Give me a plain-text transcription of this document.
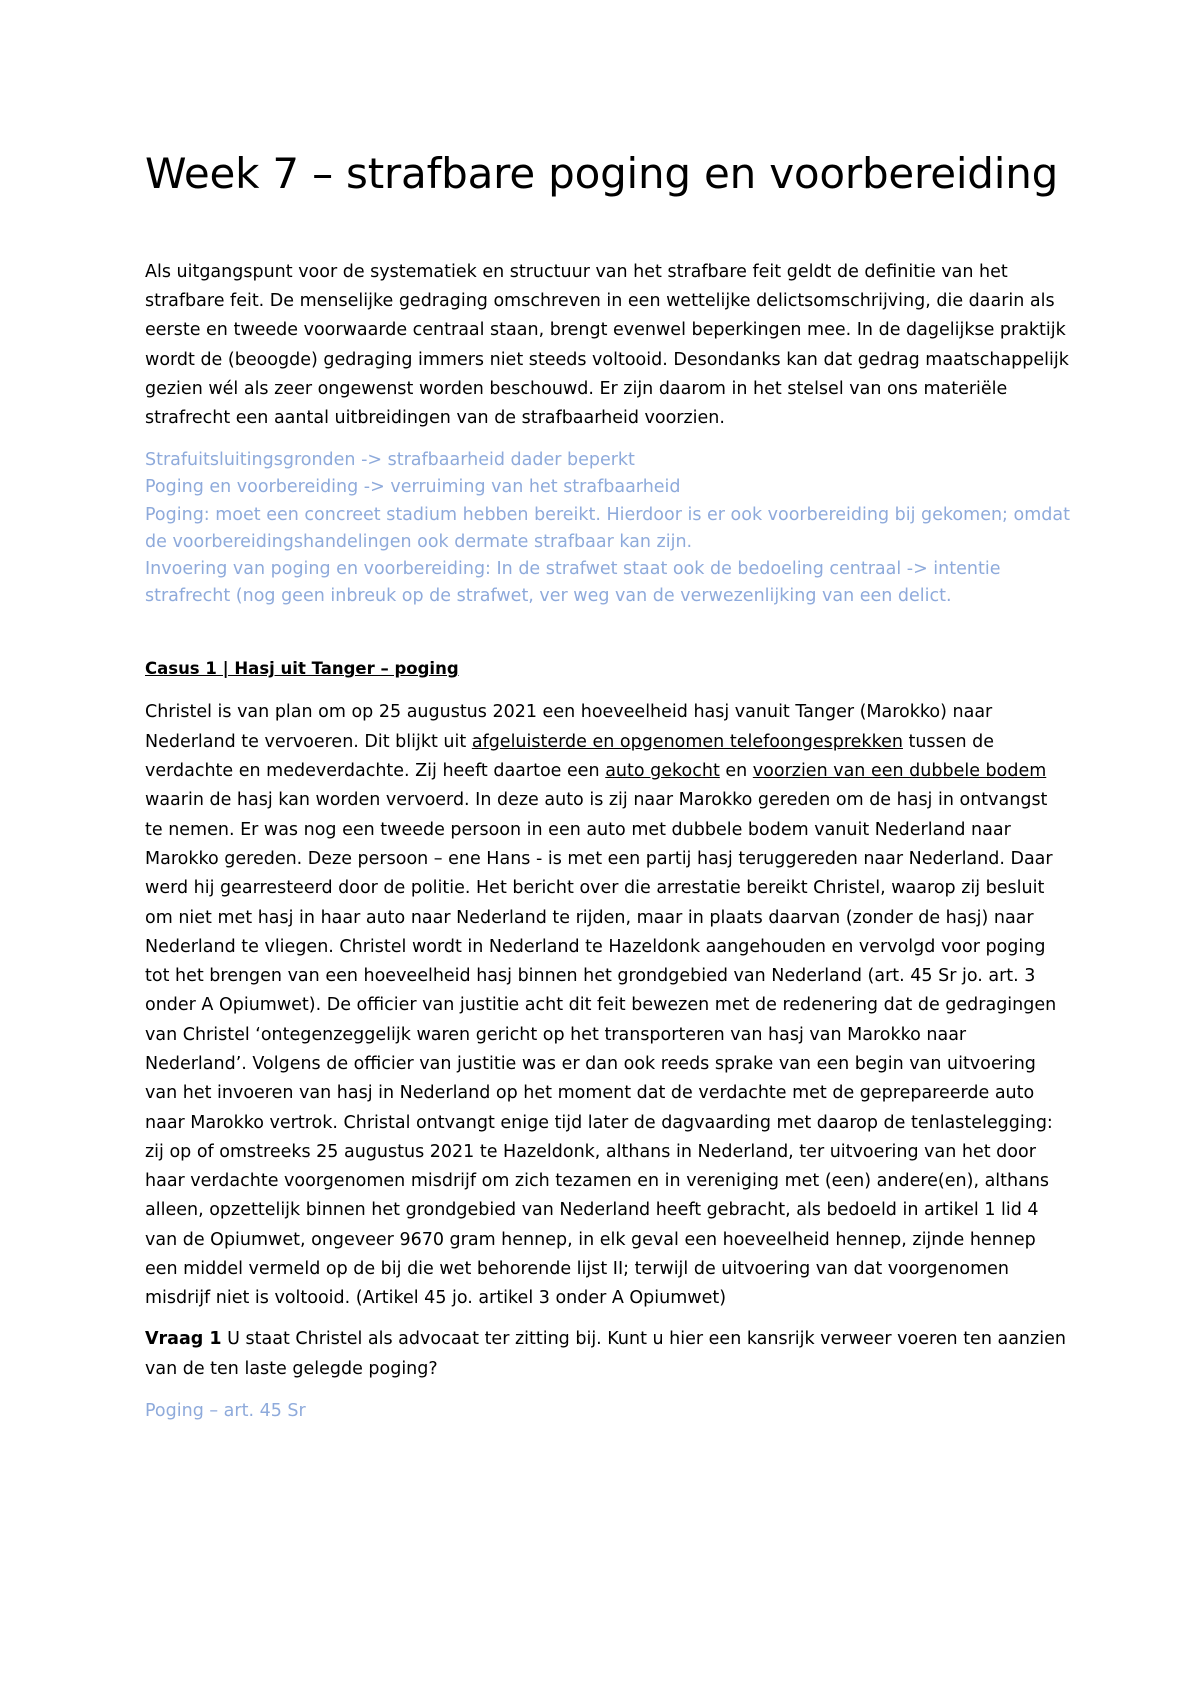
Week 7 – strafbare poging en voorbereiding

Als uitgangspunt voor de systematiek en structuur van het strafbare feit geldt de definitie van het strafbare feit. De menselijke gedraging omschreven in een wettelijke delictsomschrijving, die daarin als eerste en tweede voorwaarde centraal staan, brengt evenwel beperkingen mee. In de dagelijkse praktijk wordt de (beoogde) gedraging immers niet steeds voltooid. Desondanks kan dat gedrag maatschappelijk gezien wél als zeer ongewenst worden beschouwd. Er zijn daarom in het stelsel van ons materiële strafrecht een aantal uitbreidingen van de strafbaarheid voorzien.

Strafuitsluitingsgronden -> strafbaarheid dader beperkt
Poging en voorbereiding -> verruiming van het strafbaarheid
Poging: moet een concreet stadium hebben bereikt. Hierdoor is er ook voorbereiding bij gekomen; omdat de voorbereidingshandelingen ook dermate strafbaar kan zijn.
Invoering van poging en voorbereiding: In de strafwet staat ook de bedoeling centraal -> intentie strafrecht (nog geen inbreuk op de strafwet, ver weg van de verwezenlijking van een delict.
Casus 1 | Hasj uit Tanger – poging
Christel is van plan om op 25 augustus 2021 een hoeveelheid hasj vanuit Tanger (Marokko) naar Nederland te vervoeren. Dit blijkt uit afgeluisterde en opgenomen telefoongesprekken tussen de verdachte en medeverdachte. Zij heeft daartoe een auto gekocht en voorzien van een dubbele bodem waarin de hasj kan worden vervoerd. In deze auto is zij naar Marokko gereden om de hasj in ontvangst te nemen. Er was nog een tweede persoon in een auto met dubbele bodem vanuit Nederland naar Marokko gereden. Deze persoon – ene Hans - is met een partij hasj teruggereden naar Nederland. Daar werd hij gearresteerd door de politie. Het bericht over die arrestatie bereikt Christel, waarop zij besluit om niet met hasj in haar auto naar Nederland te rijden, maar in plaats daarvan (zonder de hasj) naar Nederland te vliegen. Christel wordt in Nederland te Hazeldonk aangehouden en vervolgd voor poging tot het brengen van een hoeveelheid hasj binnen het grondgebied van Nederland (art. 45 Sr jo. art. 3 onder A Opiumwet). De officier van justitie acht dit feit bewezen met de redenering dat de gedragingen van Christel ‘ontegenzeggelijk waren gericht op het transporteren van hasj van Marokko naar Nederland’. Volgens de officier van justitie was er dan ook reeds sprake van een begin van uitvoering van het invoeren van hasj in Nederland op het moment dat de verdachte met de geprepareerde auto naar Marokko vertrok. Christal ontvangt enige tijd later de dagvaarding met daarop de tenlastelegging: zij op of omstreeks 25 augustus 2021 te Hazeldonk, althans in Nederland, ter uitvoering van het door haar verdachte voorgenomen misdrijf om zich tezamen en in vereniging met (een) andere(en), althans alleen, opzettelijk binnen het grondgebied van Nederland heeft gebracht, als bedoeld in artikel 1 lid 4 van de Opiumwet, ongeveer 9670 gram hennep, in elk geval een hoeveelheid hennep, zijnde hennep een middel vermeld op de bij die wet behorende lijst II; terwijl de uitvoering van dat voorgenomen misdrijf niet is voltooid. (Artikel 45 jo. artikel 3 onder A Opiumwet)
Vraag 1 U staat Christel als advocaat ter zitting bij. Kunt u hier een kansrijk verweer voeren ten aanzien van de ten laste gelegde poging?
Poging – art. 45 Sr
